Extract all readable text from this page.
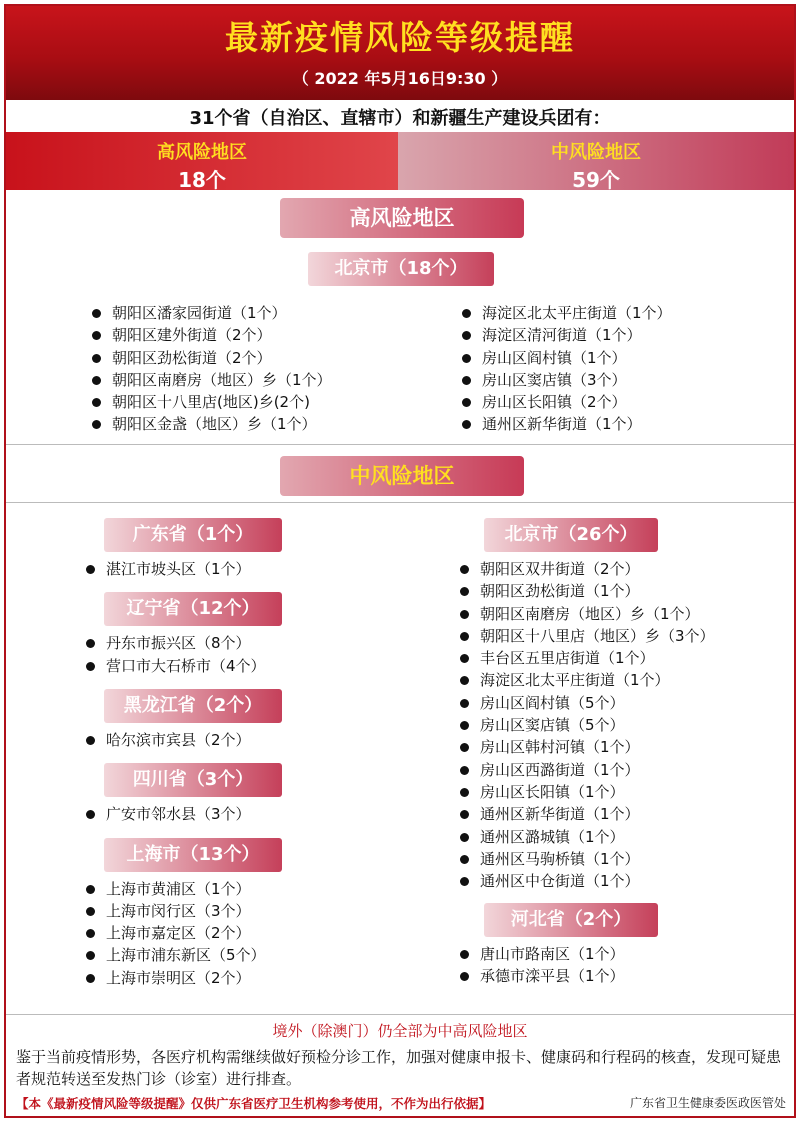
最新疫情风险等级提醒
（ 2022 年5月16日9:30 ）
31个省（自治区、直辖市）和新疆生产建设兵团有：
高风险地区
18个
中风险地区
59个
高风险地区
北京市（18个）
朝阳区潘家园街道（1个）
朝阳区建外街道（2个）
朝阳区劲松街道（2个）
朝阳区南磨房（地区）乡（1个）
朝阳区十八里店(地区)乡(2个)
朝阳区金盏（地区）乡（1个）
海淀区北太平庄街道（1个）
海淀区清河街道（1个）
房山区阎村镇（1个）
房山区窦店镇（3个）
房山区长阳镇（2个）
通州区新华街道（1个）
中风险地区
广东省（1个）
湛江市坡头区（1个）
辽宁省（12个）
丹东市振兴区（8个）
营口市大石桥市（4个）
黑龙江省（2个）
哈尔滨市宾县（2个）
四川省（3个）
广安市邻水县（3个）
上海市（13个）
上海市黄浦区（1个）
上海市闵行区（3个）
上海市嘉定区（2个）
上海市浦东新区（5个）
上海市崇明区（2个）
北京市（26个）
朝阳区双井街道（2个）
朝阳区劲松街道（1个）
朝阳区南磨房（地区）乡（1个）
朝阳区十八里店（地区）乡（3个）
丰台区五里店街道（1个）
海淀区北太平庄街道（1个）
房山区阎村镇（5个）
房山区窦店镇（5个）
房山区韩村河镇（1个）
房山区西潞街道（1个）
房山区长阳镇（1个）
通州区新华街道（1个）
通州区潞城镇（1个）
通州区马驹桥镇（1个）
通州区中仓街道（1个）
河北省（2个）
唐山市路南区（1个）
承德市滦平县（1个）
境外（除澳门）仍全部为中高风险地区
鉴于当前疫情形势，各医疗机构需继续做好预检分诊工作，加强对健康申报卡、健康码和行程码的核查，发现可疑患者规范转送至发热门诊（诊室）进行排查。
【本《最新疫情风险等级提醒》仅供广东省医疗卫生机构参考使用，不作为出行依据】	广东省卫生健康委医政医管处
